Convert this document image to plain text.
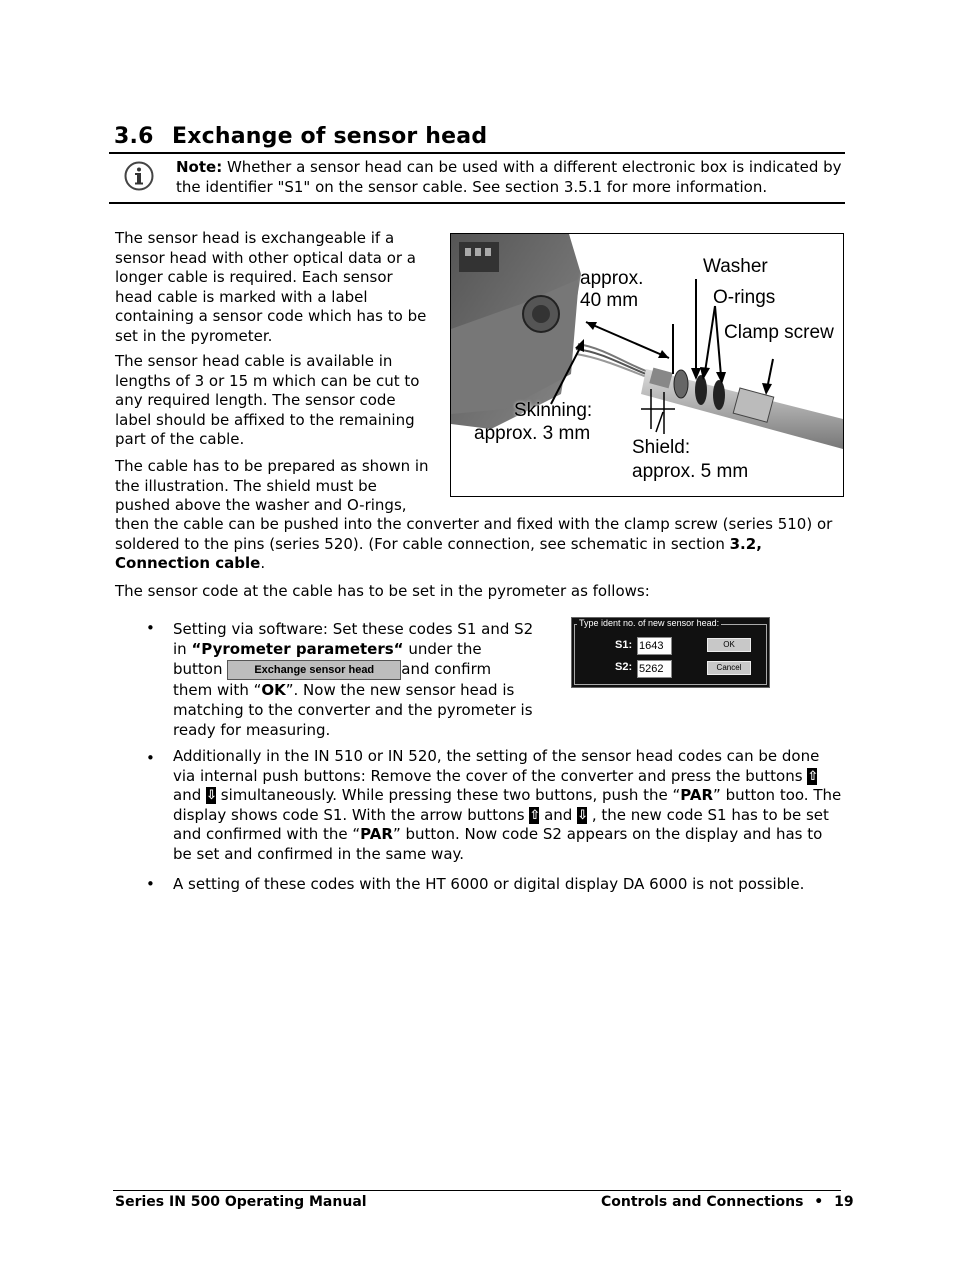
3.6 Exchange of sensor head
Note: Whether a sensor head can be used with a different electronic box is indicated by the identifier "S1" on the sensor cable. See section 3.5.1 for more information.

The sensor head is exchangeable if a sensor head with other optical data or a longer cable is required. Each sensor head cable is marked with a label containing a sensor code which has to be set in the pyrometer.

The sensor head cable is available in lengths of 3 or 15 m which can be cut to any required length. The sensor code label should be affixed to the remaining part of the cable.

The cable has to be prepared as shown in the illustration. The shield must be pushed above the washer and O-rings,

then the cable can be pushed into the converter and fixed with the clamp screw (series 510) or soldered to the pins (series 520). (For cable connection, see schematic in section 3.2, Connection cable.

The sensor code at the cable has to be set in the pyrometer as follows:

approx.
40 mm
Washer
O-rings
Clamp screw
Skinning:
approx. 3 mm
Shield:
approx. 5 mm
Type ident no. of new sensor head:
S1: 1643
S2: 5262
OK
Cancel
• Setting via software: Set these codes S1 and S2 in “Pyrometer parameters“ under the button Exchange sensor head and confirm them with “OK”. Now the new sensor head is matching to the converter and the pyrometer is ready for measuring.
• Additionally in the IN 510 or IN 520, the setting of the sensor head codes can be done via internal push buttons: Remove the cover of the converter and press the buttons ⇧ and ⇩ simultaneously. While pressing these two buttons, push the “PAR” button too. The display shows code S1. With the arrow buttons ⇧ and ⇩ , the new code S1 has to be set and confirmed with the “PAR” button. Now code S2 appears on the display and has to be set and confirmed in the same way.
• A setting of these codes with the HT 6000 or digital display DA 6000 is not possible.
Series IN 500 Operating Manual	Controls and Connections • 19
